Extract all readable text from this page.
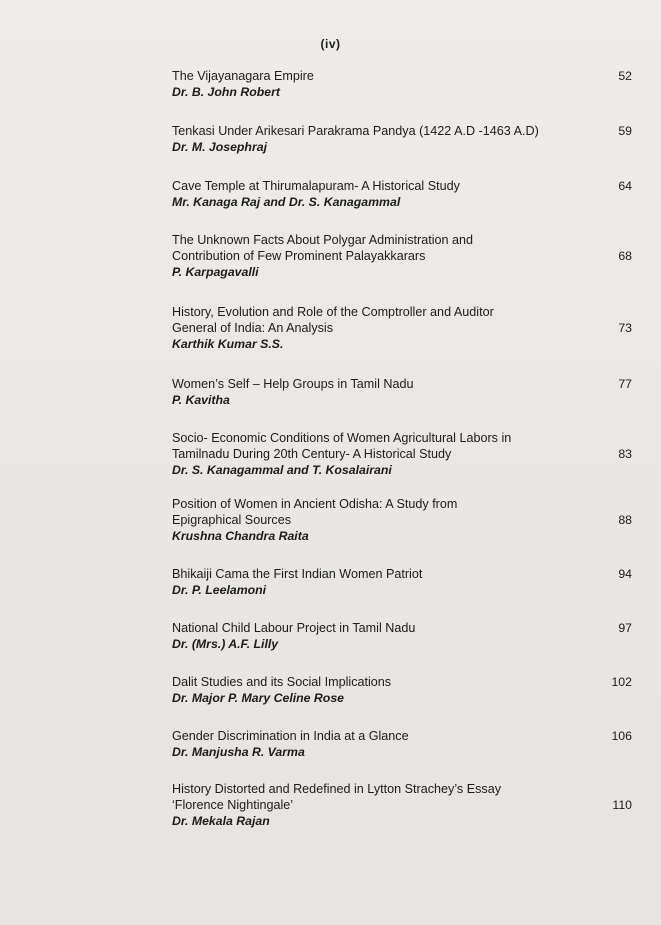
(iv)
The Vijayanagara Empire
Dr. B. John Robert
52
Tenkasi Under Arikesari Parakrama Pandya (1422 A.D -1463 A.D)
Dr. M. Josephraj
59
Cave Temple at Thirumalapuram- A Historical Study
Mr. Kanaga Raj and Dr. S. Kanagammal
64
The Unknown Facts About Polygar Administration and Contribution of Few Prominent Palayakkarars
P. Karpagavalli
68
History, Evolution and Role of the Comptroller and Auditor General of India: An Analysis
Karthik Kumar S.S.
73
Women’s Self – Help Groups in Tamil Nadu
P. Kavitha
77
Socio- Economic Conditions of Women Agricultural Labors in Tamilnadu During 20th Century- A Historical Study
Dr. S. Kanagammal and T. Kosalairani
83
Position of Women in Ancient Odisha: A Study from Epigraphical Sources
Krushna Chandra Raita
88
Bhikaiji Cama the First Indian Women Patriot
Dr. P. Leelamoni
94
National Child Labour Project in Tamil Nadu
Dr. (Mrs.) A.F. Lilly
97
Dalit Studies and its Social Implications
Dr. Major P. Mary Celine Rose
102
Gender Discrimination in India at a Glance
Dr. Manjusha R. Varma
106
History Distorted and Redefined in Lytton Strachey’s Essay ‘Florence Nightingale’
Dr. Mekala Rajan
110
